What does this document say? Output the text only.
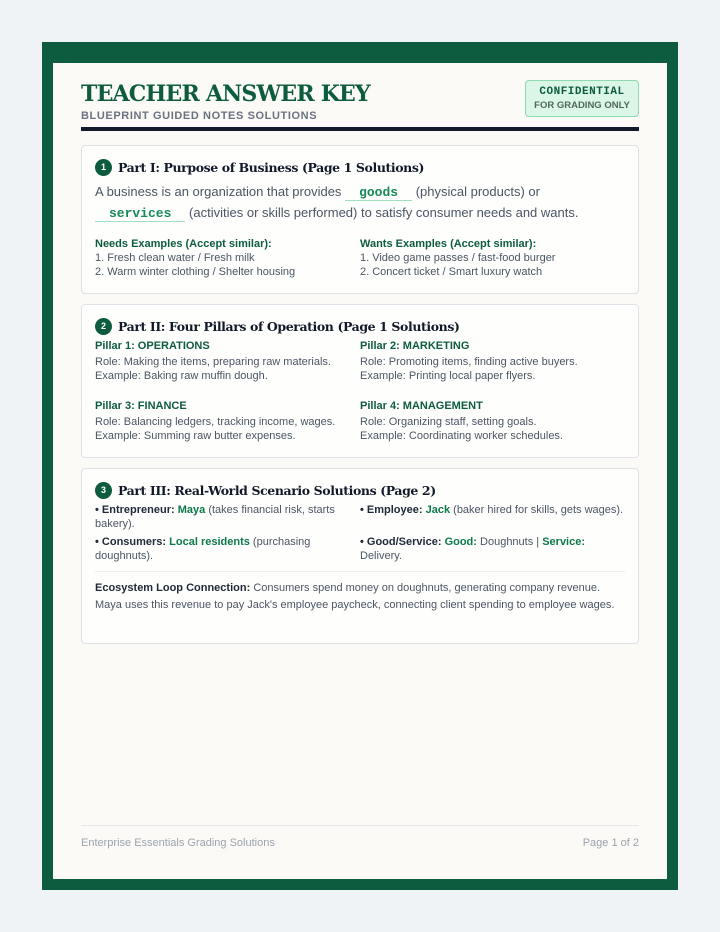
TEACHER ANSWER KEY
BLUEPRINT GUIDED NOTES SOLUTIONS
CONFIDENTIAL
FOR GRADING ONLY
1 Part I: Purpose of Business (Page 1 Solutions)
A business is an organization that provides goods (physical products) or
services (activities or skills performed) to satisfy consumer needs and wants.
Needs Examples (Accept similar):
1. Fresh clean water / Fresh milk
2. Warm winter clothing / Shelter housing
Wants Examples (Accept similar):
1. Video game passes / fast-food burger
2. Concert ticket / Smart luxury watch
2 Part II: Four Pillars of Operation (Page 1 Solutions)
Pillar 1: OPERATIONS
Role: Making the items, preparing raw materials.
Example: Baking raw muffin dough.
Pillar 2: MARKETING
Role: Promoting items, finding active buyers.
Example: Printing local paper flyers.
Pillar 3: FINANCE
Role: Balancing ledgers, tracking income, wages.
Example: Summing raw butter expenses.
Pillar 4: MANAGEMENT
Role: Organizing staff, setting goals.
Example: Coordinating worker schedules.
3 Part III: Real-World Scenario Solutions (Page 2)
• Entrepreneur: Maya (takes financial risk, starts bakery).
• Employee: Jack (baker hired for skills, gets wages).
• Consumers: Local residents (purchasing doughnuts).
• Good/Service: Good: Doughnuts | Service: Delivery.
Ecosystem Loop Connection: Consumers spend money on doughnuts, generating company revenue. Maya uses this revenue to pay Jack's employee paycheck, connecting client spending to employee wages.
Enterprise Essentials Grading Solutions	Page 1 of 2
